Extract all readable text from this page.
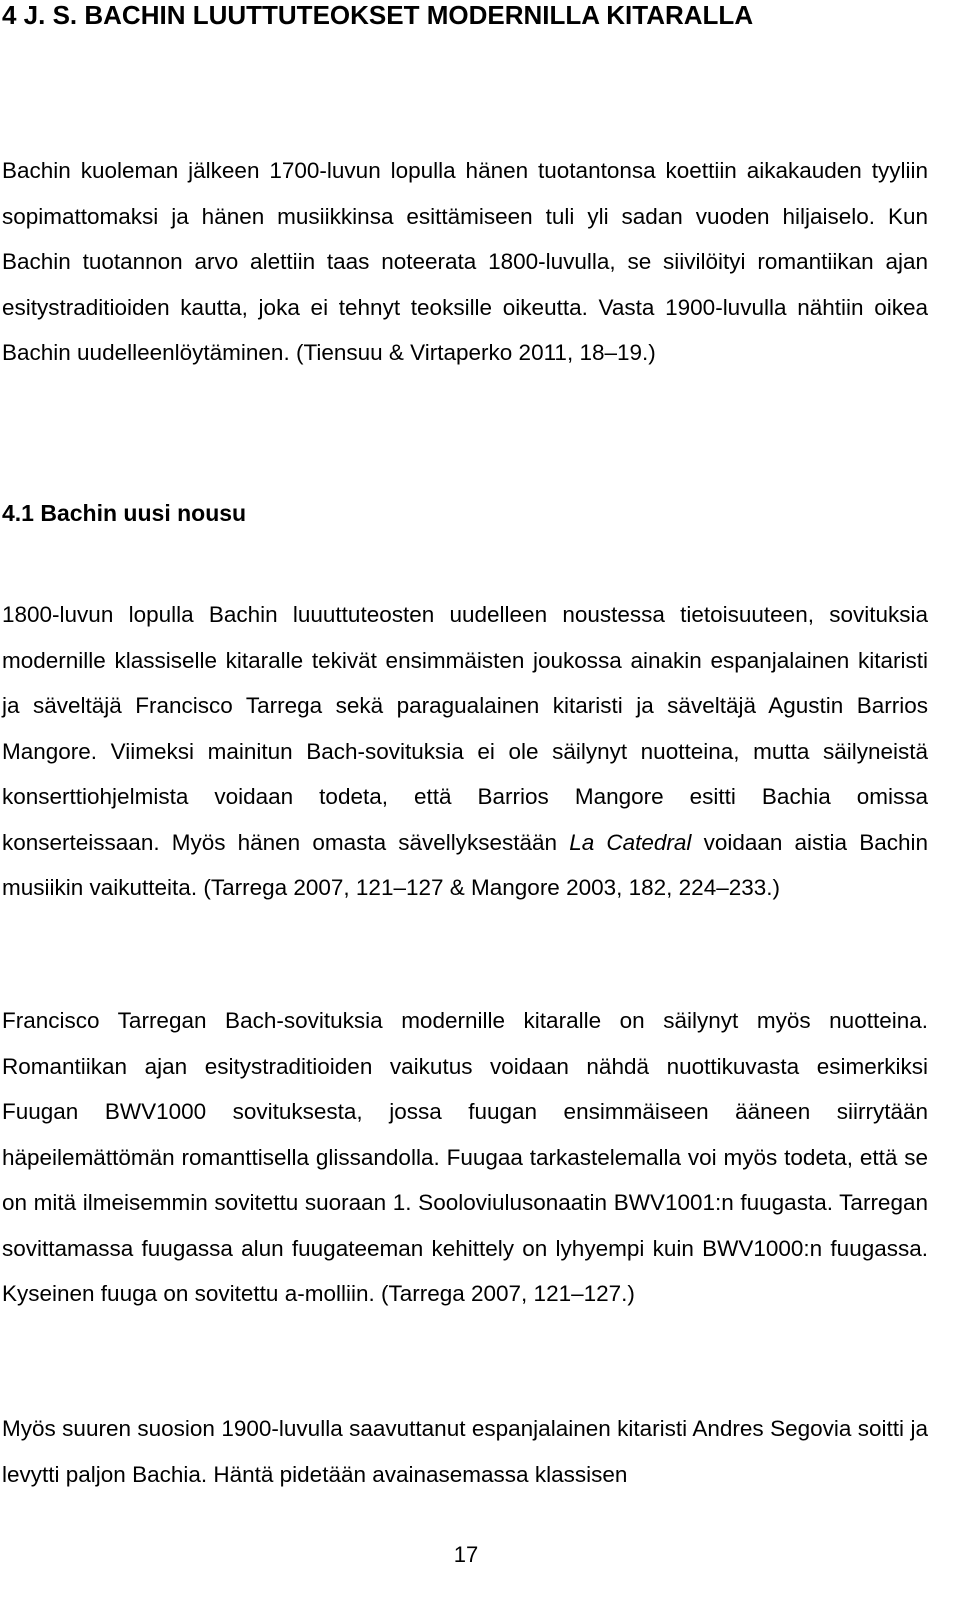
4 J. S. BACHIN LUUTTUTEOKSET MODERNILLA KITARALLA

Bachin kuoleman jälkeen 1700-luvun lopulla hänen tuotantonsa koettiin aikakauden tyyliin sopimattomaksi ja hänen musiikkinsa esittämiseen tuli yli sadan vuoden hiljaiselo. Kun Bachin tuotannon arvo alettiin taas noteerata 1800-luvulla, se siivilöityi romantiikan ajan esitystraditioiden kautta, joka ei tehnyt teoksille oikeutta. Vasta 1900-luvulla nähtiin oikea Bachin uudelleenlöytäminen. (Tiensuu & Virtaperko 2011, 18–19.)

4.1 Bachin uusi nousu

1800-luvun lopulla Bachin luuuttuteosten uudelleen noustessa tietoisuuteen, sovituksia modernille klassiselle kitaralle tekivät ensimmäisten joukossa ainakin espanjalainen kitaristi ja säveltäjä Francisco Tarrega sekä paragualainen kitaristi ja säveltäjä Agustin Barrios Mangore. Viimeksi mainitun Bach-sovituksia ei ole säilynyt nuotteina, mutta säilyneistä konserttiohjelmista voidaan todeta, että Barrios Mangore esitti Bachia omissa konserteissaan. Myös hänen omasta sävellyksestään La Catedral voidaan aistia Bachin musiikin vaikutteita. (Tarrega 2007, 121–127 & Mangore 2003, 182, 224–233.)

Francisco Tarregan Bach-sovituksia modernille kitaralle on säilynyt myös nuotteina. Romantiikan ajan esitystraditioiden vaikutus voidaan nähdä nuottikuvasta esimerkiksi Fuugan BWV1000 sovituksesta, jossa fuugan ensimmäiseen ääneen siirrytään häpeilemättömän romanttisella glissandolla. Fuugaa tarkastelemalla voi myös todeta, että se on mitä ilmeisemmin sovitettu suoraan 1. Sooloviulusonaatin BWV1001:n fuugasta. Tarregan sovittamassa fuugassa alun fuugateeman kehittely on lyhyempi kuin BWV1000:n fuugassa. Kyseinen fuuga on sovitettu a-molliin. (Tarrega 2007, 121–127.)

Myös suuren suosion 1900-luvulla saavuttanut espanjalainen kitaristi Andres Segovia soitti ja levytti paljon Bachia. Häntä pidetään avainasemassa klassisen

17
